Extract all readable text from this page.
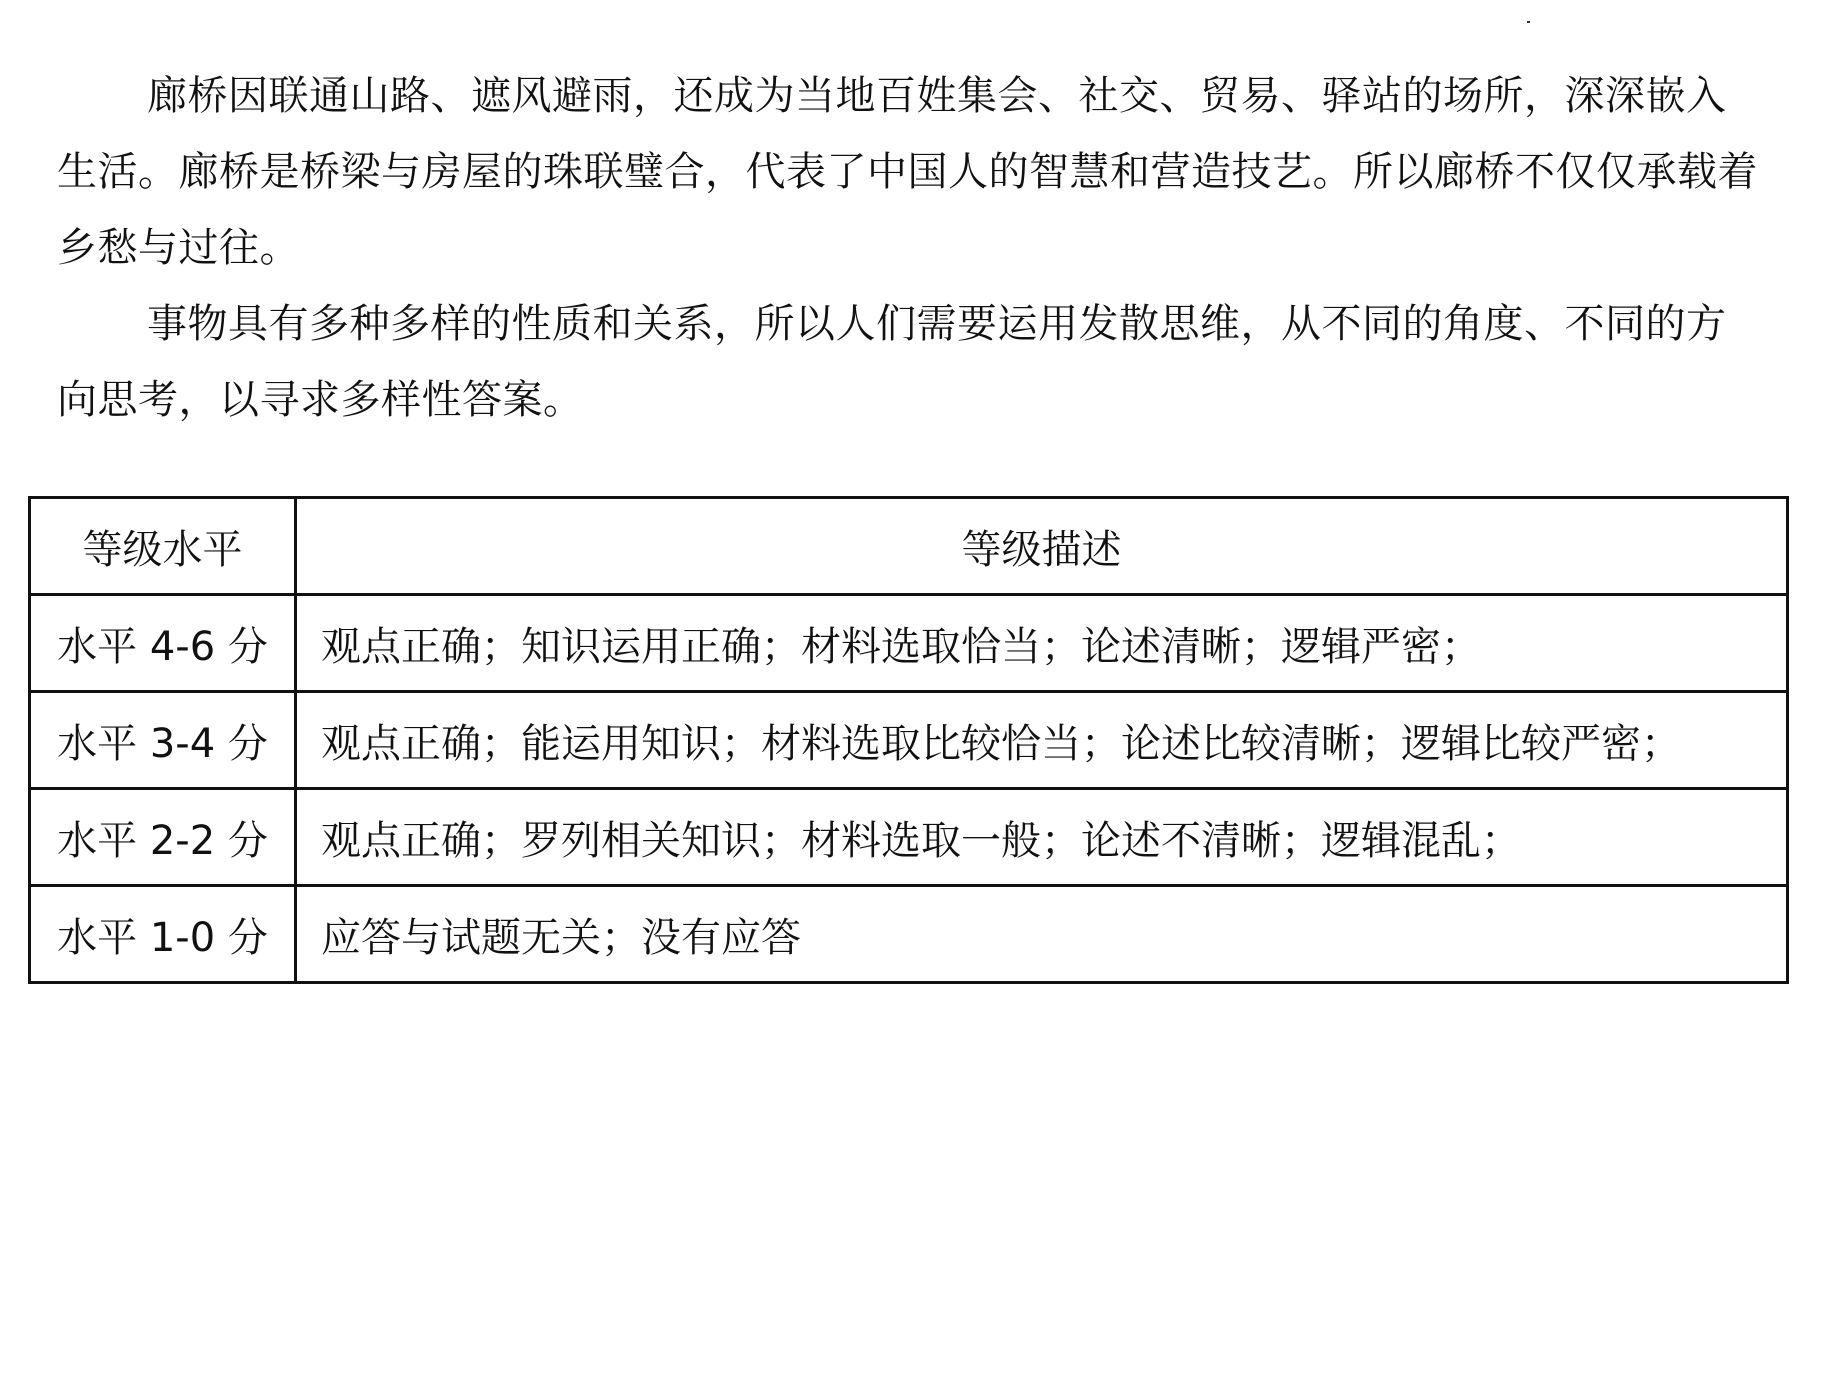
廊桥因联通山路、遮风避雨，还成为当地百姓集会、社交、贸易、驿站的场所，深深嵌入生活。廊桥是桥梁与房屋的珠联璧合，代表了中国人的智慧和营造技艺。所以廊桥不仅仅承载着乡愁与过往。

事物具有多种多样的性质和关系，所以人们需要运用发散思维，从不同的角度、不同的方向思考，以寻求多样性答案。

等级水平	等级描述
水平 4-6 分	观点正确；知识运用正确；材料选取恰当；论述清晰；逻辑严密；
水平 3-4 分	观点正确；能运用知识；材料选取比较恰当；论述比较清晰；逻辑比较严密；
水平 2-2 分	观点正确；罗列相关知识；材料选取一般；论述不清晰；逻辑混乱；
水平 1-0 分	应答与试题无关；没有应答
